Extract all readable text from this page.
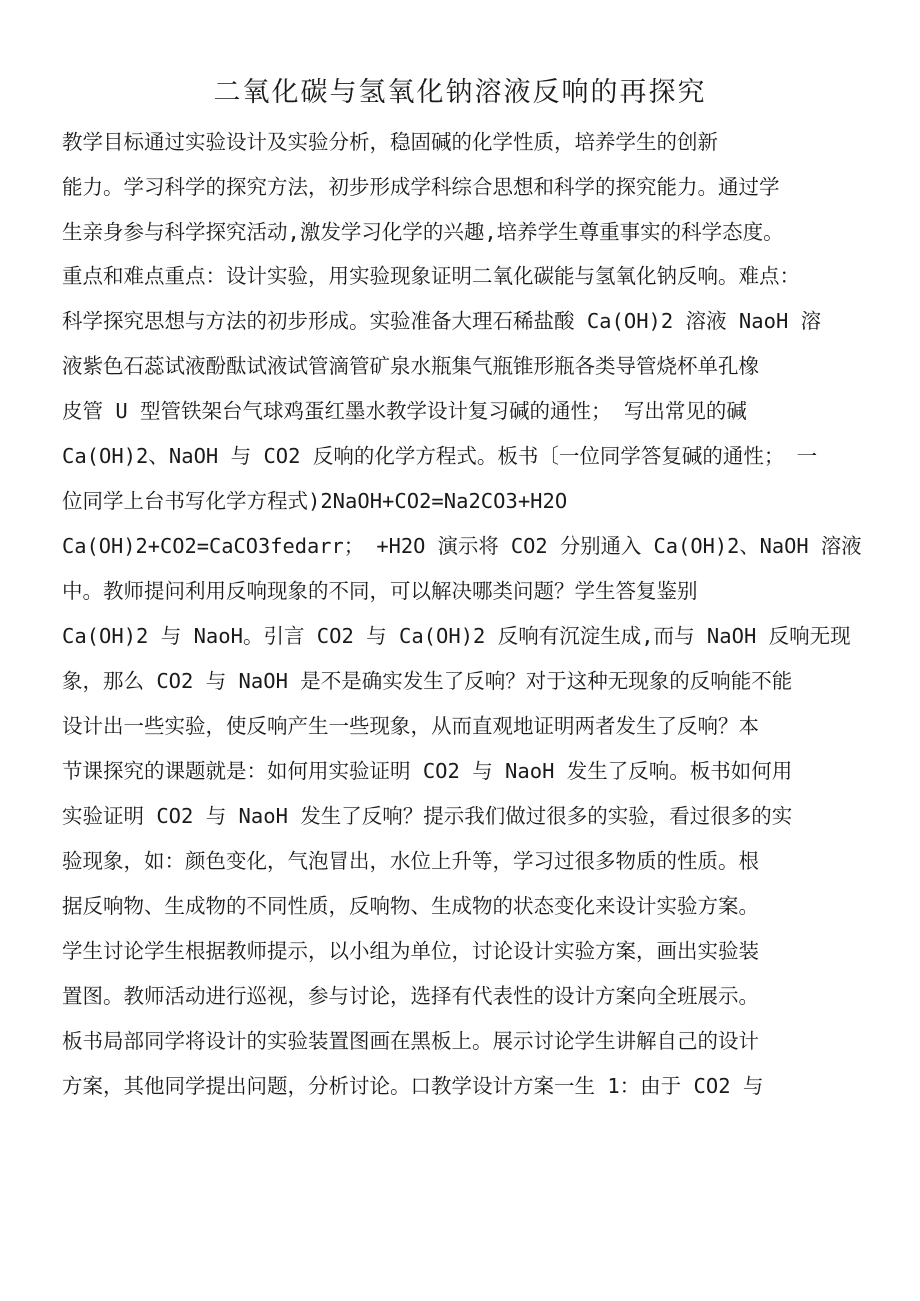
二氧化碳与氢氧化钠溶液反响的再探究
教学目标通过实验设计及实验分析，稳固碱的化学性质，培养学生的创新
能力。学习科学的探究方法，初步形成学科综合思想和科学的探究能力。通过学
生亲身参与科学探究活动,激发学习化学的兴趣,培养学生尊重事实的科学态度。
重点和难点重点：设计实验，用实验现象证明二氧化碳能与氢氧化钠反响。难点：
科学探究思想与方法的初步形成。实验准备大理石稀盐酸 Ca(OH)2 溶液 NaoH 溶
液紫色石蕊试液酚酞试液试管滴管矿泉水瓶集气瓶锥形瓶各类导管烧杯单孔橡
皮管 U 型管铁架台气球鸡蛋红墨水教学设计复习碱的通性； 写出常见的碱
Ca(OH)2、NaOH 与 CO2 反响的化学方程式。板书〔一位同学答复碱的通性； 一
位同学上台书写化学方程式)2NaOH+CO2=Na2CO3+H2O
Ca(OH)2+CO2=CaCO3fedarr； +H2O 演示将 CO2 分别通入 Ca(OH)2、NaOH 溶液
中。教师提问利用反响现象的不同，可以解决哪类问题？学生答复鉴别
Ca(OH)2 与 NaoH。引言 CO2 与 Ca(OH)2 反响有沉淀生成,而与 NaOH 反响无现
象，那么 CO2 与 NaOH 是不是确实发生了反响？对于这种无现象的反响能不能
设计出一些实验，使反响产生一些现象，从而直观地证明两者发生了反响？本
节课探究的课题就是：如何用实验证明 CO2 与 NaoH 发生了反响。板书如何用
实验证明 CO2 与 NaoH 发生了反响？提示我们做过很多的实验，看过很多的实
验现象，如：颜色变化，气泡冒出，水位上升等，学习过很多物质的性质。根
据反响物、生成物的不同性质，反响物、生成物的状态变化来设计实验方案。
学生讨论学生根据教师提示，以小组为单位，讨论设计实验方案，画出实验装
置图。教师活动进行巡视，参与讨论，选择有代表性的设计方案向全班展示。
板书局部同学将设计的实验装置图画在黑板上。展示讨论学生讲解自己的设计
方案，其他同学提出问题，分析讨论。口教学设计方案一生 1：由于 CO2 与
